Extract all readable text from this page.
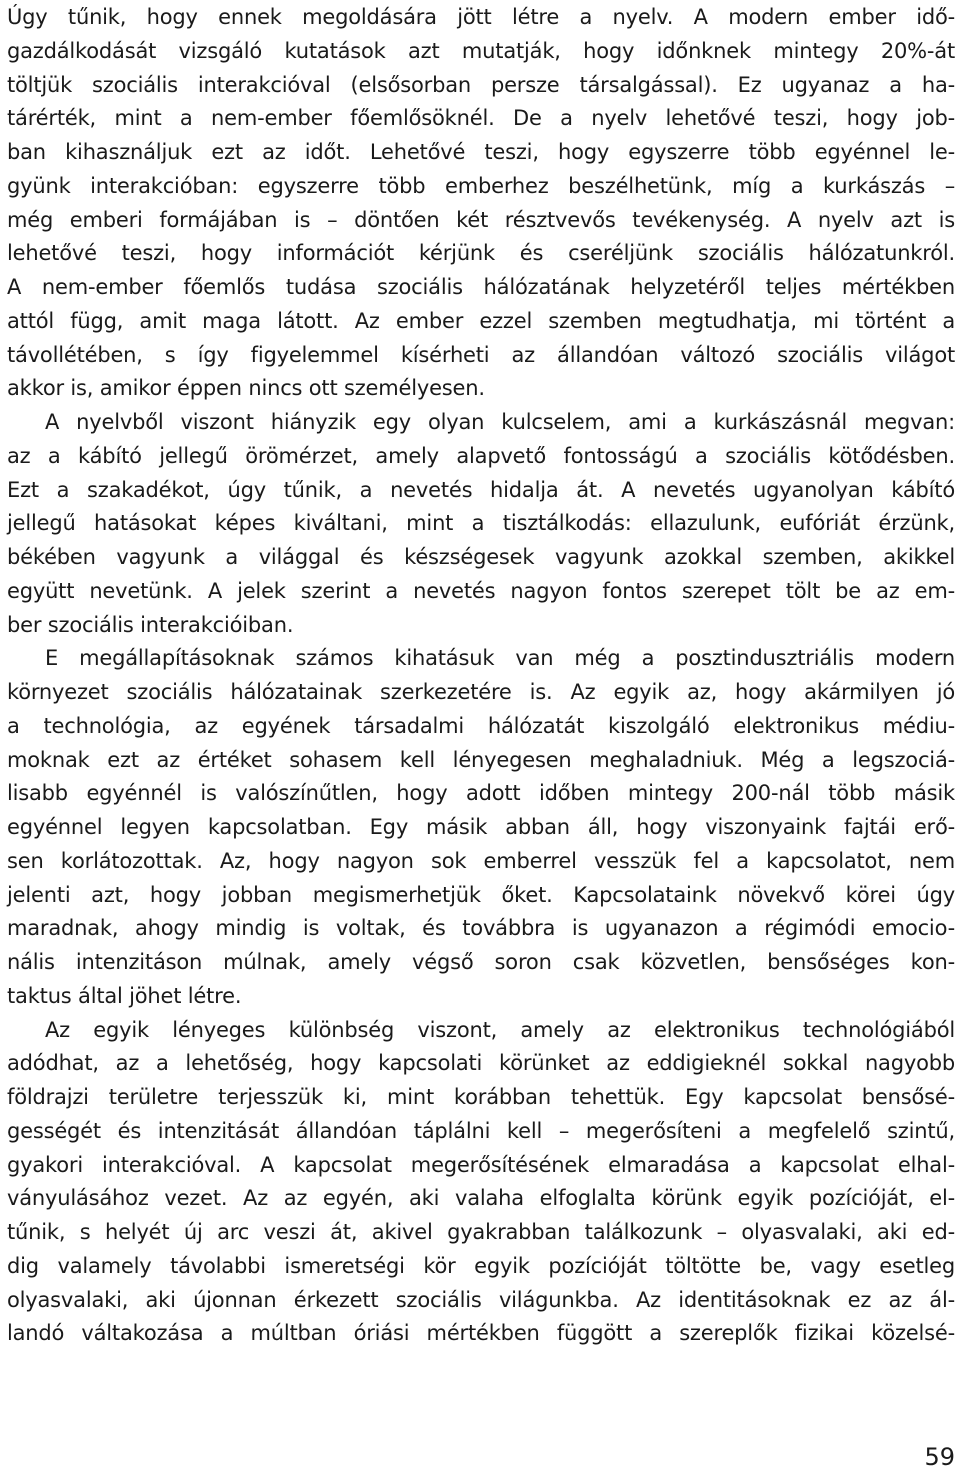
Úgy tűnik, hogy ennek megoldására jött létre a nyelv. A modern ember idő-
gazdálkodását vizsgáló kutatások azt mutatják, hogy időnknek mintegy 20%-át
töltjük szociális interakcióval (elsősorban persze társalgással). Ez ugyanaz a ha-
tárérték, mint a nem-ember főemlősöknél. De a nyelv lehetővé teszi, hogy job-
ban kihasználjuk ezt az időt. Lehetővé teszi, hogy egyszerre több egyénnel le-
gyünk interakcióban: egyszerre több emberhez beszélhetünk, míg a kurkászás –
még emberi formájában is – döntően két résztvevős tevékenység. A nyelv azt is
lehetővé teszi, hogy információt kérjünk és cseréljünk szociális hálózatunkról.
A nem-ember főemlős tudása szociális hálózatának helyzetéről teljes mértékben
attól függ, amit maga látott. Az ember ezzel szemben megtudhatja, mi történt a
távollétében, s így figyelemmel kísérheti az állandóan változó szociális világot
akkor is, amikor éppen nincs ott személyesen.
A nyelvből viszont hiányzik egy olyan kulcselem, ami a kurkászásnál megvan:
az a kábító jellegű örömérzet, amely alapvető fontosságú a szociális kötődésben.
Ezt a szakadékot, úgy tűnik, a nevetés hidalja át. A nevetés ugyanolyan kábító
jellegű hatásokat képes kiváltani, mint a tisztálkodás: ellazulunk, eufóriát érzünk,
békében vagyunk a világgal és készségesek vagyunk azokkal szemben, akikkel
együtt nevetünk. A jelek szerint a nevetés nagyon fontos szerepet tölt be az em-
ber szociális interakcióiban.
E megállapításoknak számos kihatásuk van még a posztindusztriális modern
környezet szociális hálózatainak szerkezetére is. Az egyik az, hogy akármilyen jó
a technológia, az egyének társadalmi hálózatát kiszolgáló elektronikus médiu-
moknak ezt az értéket sohasem kell lényegesen meghaladniuk. Még a legszociá-
lisabb egyénnél is valószínűtlen, hogy adott időben mintegy 200-nál több másik
egyénnel legyen kapcsolatban. Egy másik abban áll, hogy viszonyaink fajtái erő-
sen korlátozottak. Az, hogy nagyon sok emberrel vesszük fel a kapcsolatot, nem
jelenti azt, hogy jobban megismerhetjük őket. Kapcsolataink növekvő körei úgy
maradnak, ahogy mindig is voltak, és továbbra is ugyanazon a régimódi emocio-
nális intenzitáson múlnak, amely végső soron csak közvetlen, bensőséges kon-
taktus által jöhet létre.
Az egyik lényeges különbség viszont, amely az elektronikus technológiából
adódhat, az a lehetőség, hogy kapcsolati körünket az eddigieknél sokkal nagyobb
földrajzi területre terjesszük ki, mint korábban tehettük. Egy kapcsolat bensősé-
gességét és intenzitását állandóan táplálni kell – megerősíteni a megfelelő szintű,
gyakori interakcióval. A kapcsolat megerősítésének elmaradása a kapcsolat elhal-
ványulásához vezet. Az az egyén, aki valaha elfoglalta körünk egyik pozícióját, el-
tűnik, s helyét új arc veszi át, akivel gyakrabban találkozunk – olyasvalaki, aki ed-
dig valamely távolabbi ismeretségi kör egyik pozícióját töltötte be, vagy esetleg
olyasvalaki, aki újonnan érkezett szociális világunkba. Az identitásoknak ez az ál-
landó váltakozása a múltban óriási mértékben függött a szereplők fizikai közelsé-
59
